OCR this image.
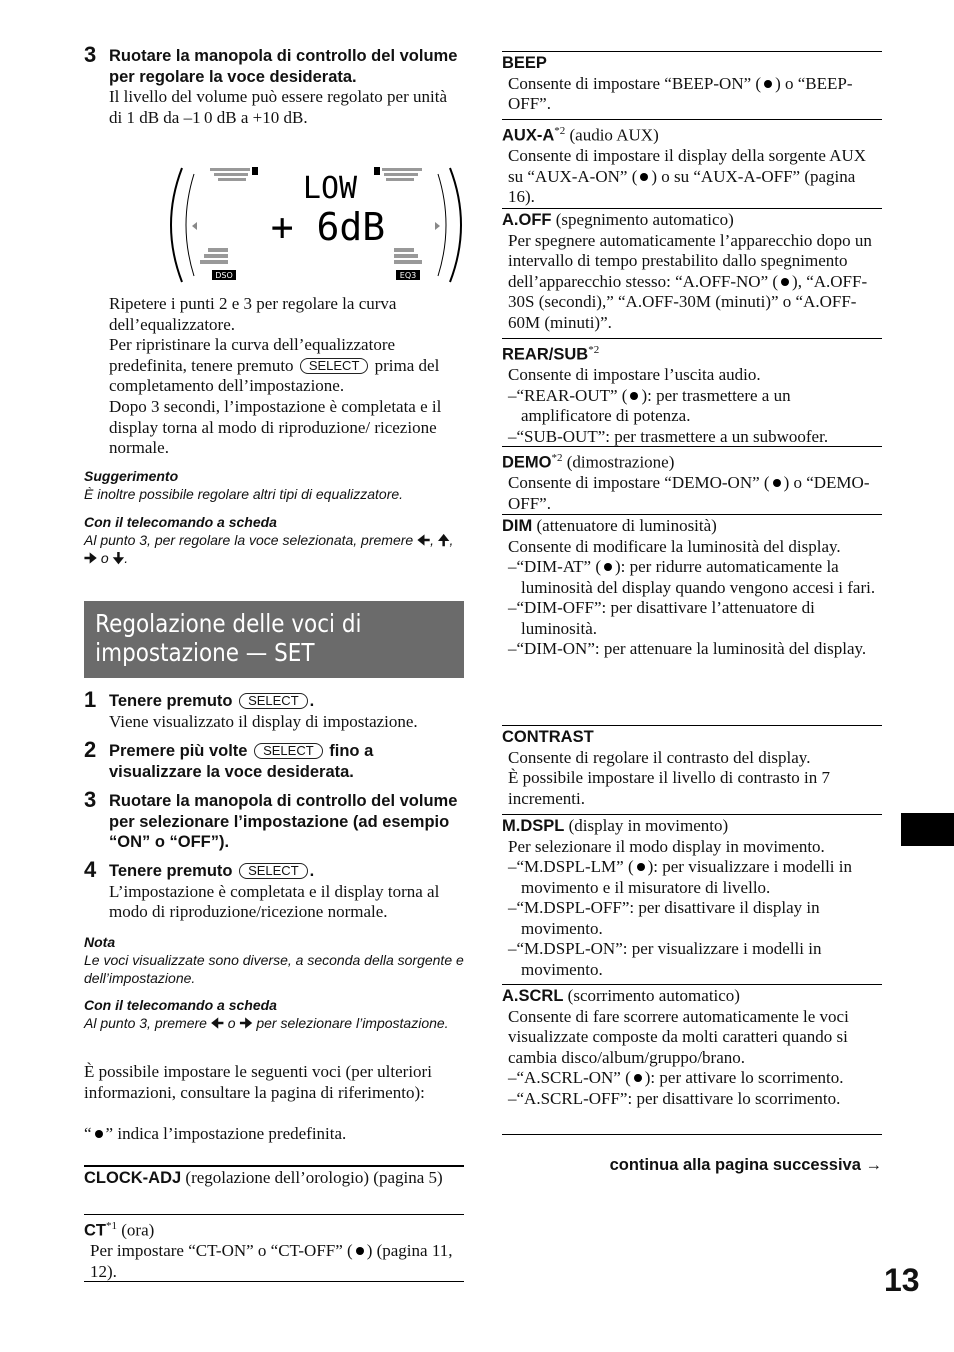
3 Ruotare la manopola di controllo del volume per regolare la voce desiderata.
Il livello del volume può essere regolato per unità di 1 dB da –1 0 dB a +10 dB.
LOW
+ 6dB
DSO	EQ3
Ripetere i punti 2 e 3 per regolare la curva dell’equalizzatore.
Per ripristinare la curva dell’equalizzatore predefinita, tenere premuto SELECT prima del completamento dell’impostazione.
Dopo 3 secondi, l’impostazione è completata e il display torna al modo di riproduzione/ ricezione normale.
Suggerimento
È inoltre possibile regolare altri tipi di equalizzatore.
Con il telecomando a scheda
Al punto 3, per regolare la voce selezionata, premere 🠈, 🠉, 🠊 o 🠋.
Regolazione delle voci di impostazione — SET
1 Tenere premuto SELECT .
Viene visualizzato il display di impostazione.
2 Premere più volte SELECT fino a visualizzare la voce desiderata.
3 Ruotare la manopola di controllo del volume per selezionare l’impostazione (ad esempio “ON” o “OFF”).
4 Tenere premuto SELECT .
L’impostazione è completata e il display torna al modo di riproduzione/ricezione normale.
Nota
Le voci visualizzate sono diverse, a seconda della sorgente e dell’impostazione.
Con il telecomando a scheda
Al punto 3, premere 🠈 o 🠊 per selezionare l’impostazione.
È possibile impostare le seguenti voci (per ulteriori informazioni, consultare la pagina di riferimento):
“ ” indica l’impostazione predefinita.
CLOCK-ADJ (regolazione dell’orologio) (pagina 5)
CT$^{*1}$ (ora)
Per impostare “CT-ON” o “CT-OFF” ( ) (pagina 11, 12).
BEEP
Consente di impostare “BEEP-ON” ( ) o “BEEP-OFF”.
AUX-$A^{*2}$ (audio AUX)
Consente di impostare il display della sorgente AUX su “AUX-A-ON” ( ) o su “AUX-A-OFF” (pagina 16).
A.OFF (spegnimento automatico)
Per spegnere automaticamente l’apparecchio dopo un intervallo di tempo prestabilito dallo spegnimento dell’apparecchio stesso: “A.OFF-NO” ( ), “A.OFF-30S (secondi),” “A.OFF-30M (minuti)” o “A.OFF-60M (minuti)”.
REAR/SUB$^{*2}$
Consente di impostare l’uscita audio.
–“REAR-OUT” ( ): per trasmettere a un amplificatore di potenza.
–“SUB-OUT”: per trasmettere a un subwoofer.
DEMO$^{*2}$ (dimostrazione)
Consente di impostare “DEMO-ON” ( ) o “DEMO-OFF”.
DIM (attenuatore di luminosità)
Consente di modificare la luminosità del display.
–“DIM-AT” ( ): per ridurre automaticamente la luminosità del display quando vengono accesi i fari.
–“DIM-OFF”: per disattivare l’attenuatore di luminosità.
–“DIM-ON”: per attenuare la luminosità del display.
CONTRAST
Consente di regolare il contrasto del display.
È possibile impostare il livello di contrasto in 7 incrementi.
M.DSPL (display in movimento)
Per selezionare il modo display in movimento.
–“M.DSPL-LM” ( ): per visualizzare i modelli in movimento e il misuratore di livello.
–“M.DSPL-OFF”: per disattivare il display in movimento.
–“M.DSPL-ON”: per visualizzare i modelli in movimento.
A.SCRL (scorrimento automatico)
Consente di fare scorrere automaticamente le voci visualizzate composte da molti caratteri quando si cambia disco/album/gruppo/brano.
–“A.SCRL-ON” ( ): per attivare lo scorrimento.
–“A.SCRL-OFF”: per disattivare lo scorrimento.
continua alla pagina successiva →
13
